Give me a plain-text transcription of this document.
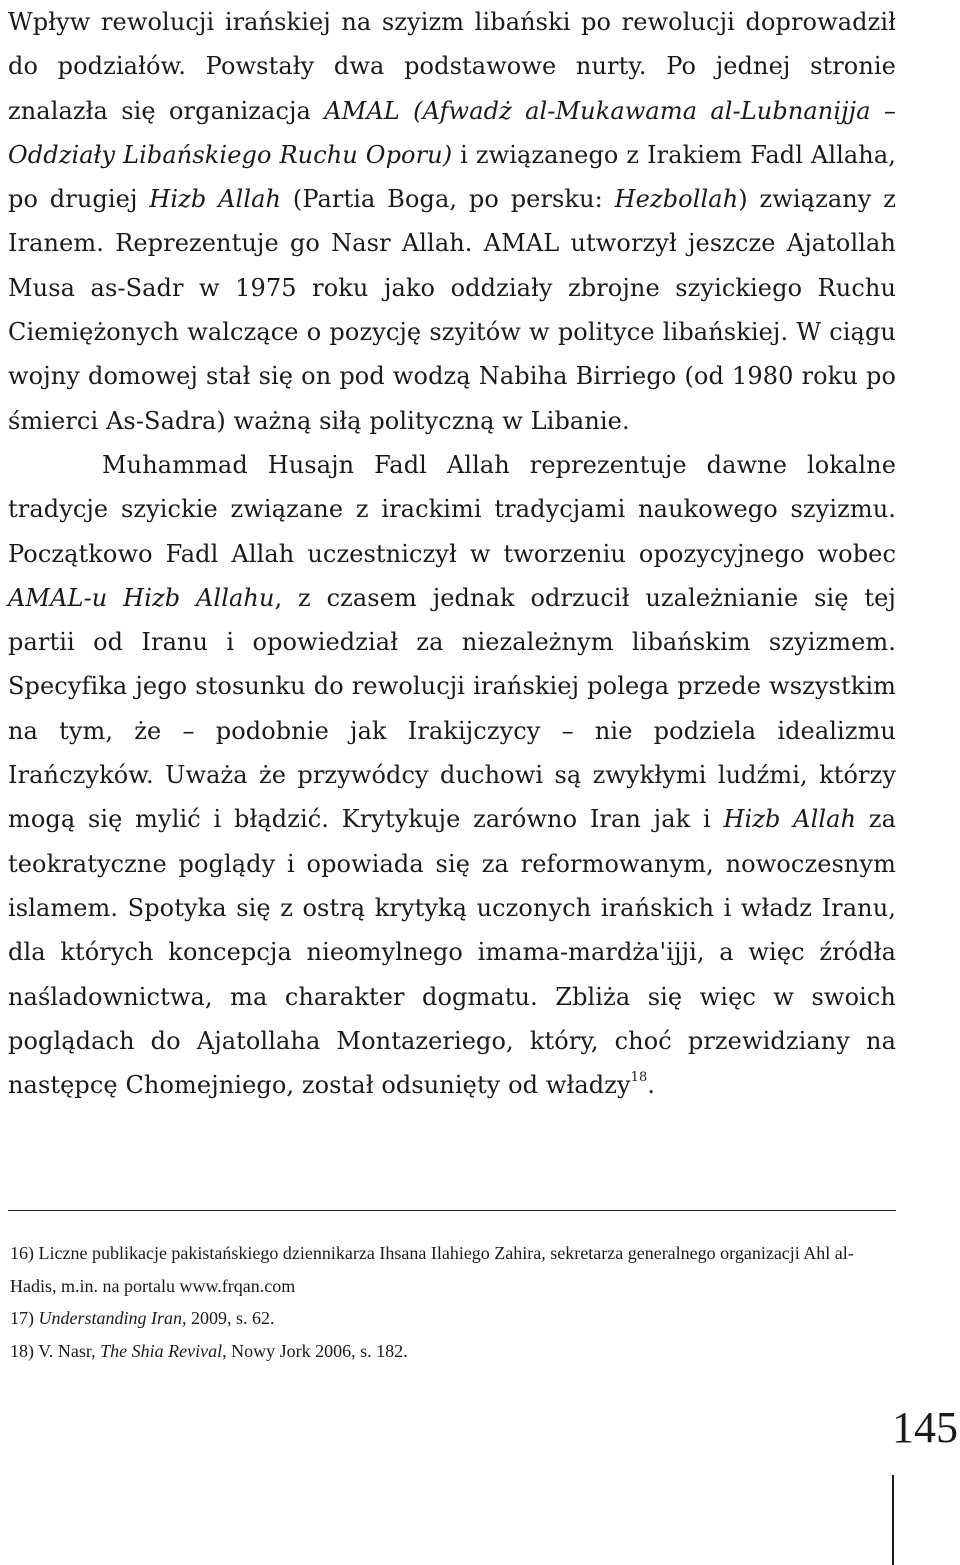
Wpływ rewolucji irańskiej na szyizm libański po rewolucji doprowadził do podziałów. Powstały dwa podstawowe nurty. Po jednej stronie znalazła się organizacja AMAL (Afwadż al-Mukawama al-Lubnanijja – Oddziały Libańskiego Ruchu Oporu) i związanego z Irakiem Fadl Allaha, po drugiej Hizb Allah (Partia Boga, po persku: Hezbollah) związany z Iranem. Reprezentuje go Nasr Allah. AMAL utworzył jeszcze Ajatollah Musa as-Sadr w 1975 roku jako oddziały zbrojne szyickiego Ruchu Ciemiężonych walczące o pozycję szyitów w polityce libańskiej. W ciągu wojny domowej stał się on pod wodzą Nabiha Birriego (od 1980 roku po śmierci As-Sadra) ważną siłą polityczną w Libanie.

Muhammad Husajn Fadl Allah reprezentuje dawne lokalne tradycje szyickie związane z irackimi tradycjami naukowego szyizmu. Początkowo Fadl Allah uczestniczył w tworzeniu opozycyjnego wobec AMAL-u Hizb Allahu, z czasem jednak odrzucił uzależnianie się tej partii od Iranu i opowiedział za niezależnym libańskim szyizmem. Specyfika jego stosunku do rewolucji irańskiej polega przede wszystkim na tym, że – podobnie jak Irakijczycy – nie podziela idealizmu Irańczyków. Uważa że przywódcy duchowi są zwykłymi ludźmi, którzy mogą się mylić i błądzić. Krytykuje zarówno Iran jak i Hizb Allah za teokratyczne poglądy i opowiada się za reformowanym, nowoczesnym islamem. Spotyka się z ostrą krytyką uczonych irańskich i władz Iranu, dla których koncepcja nieomylnego imama-mardża'ijji, a więc źródła naśladownictwa, ma charakter dogmatu. Zbliża się więc w swoich poglądach do Ajatollaha Montazeriego, który, choć przewidziany na następcę Chomejniego, został odsunięty od władzy$^{18}$.

16) Liczne publikacje pakistańskiego dziennikarza Ihsana Ilahiego Zahira, sekretarza generalnego organizacji Ahl al-Hadis, m.in. na portalu www.frqan.com

17) Understanding Iran, 2009, s. 62.

18) V. Nasr, The Shia Revival, Nowy Jork 2006, s. 182.

145
